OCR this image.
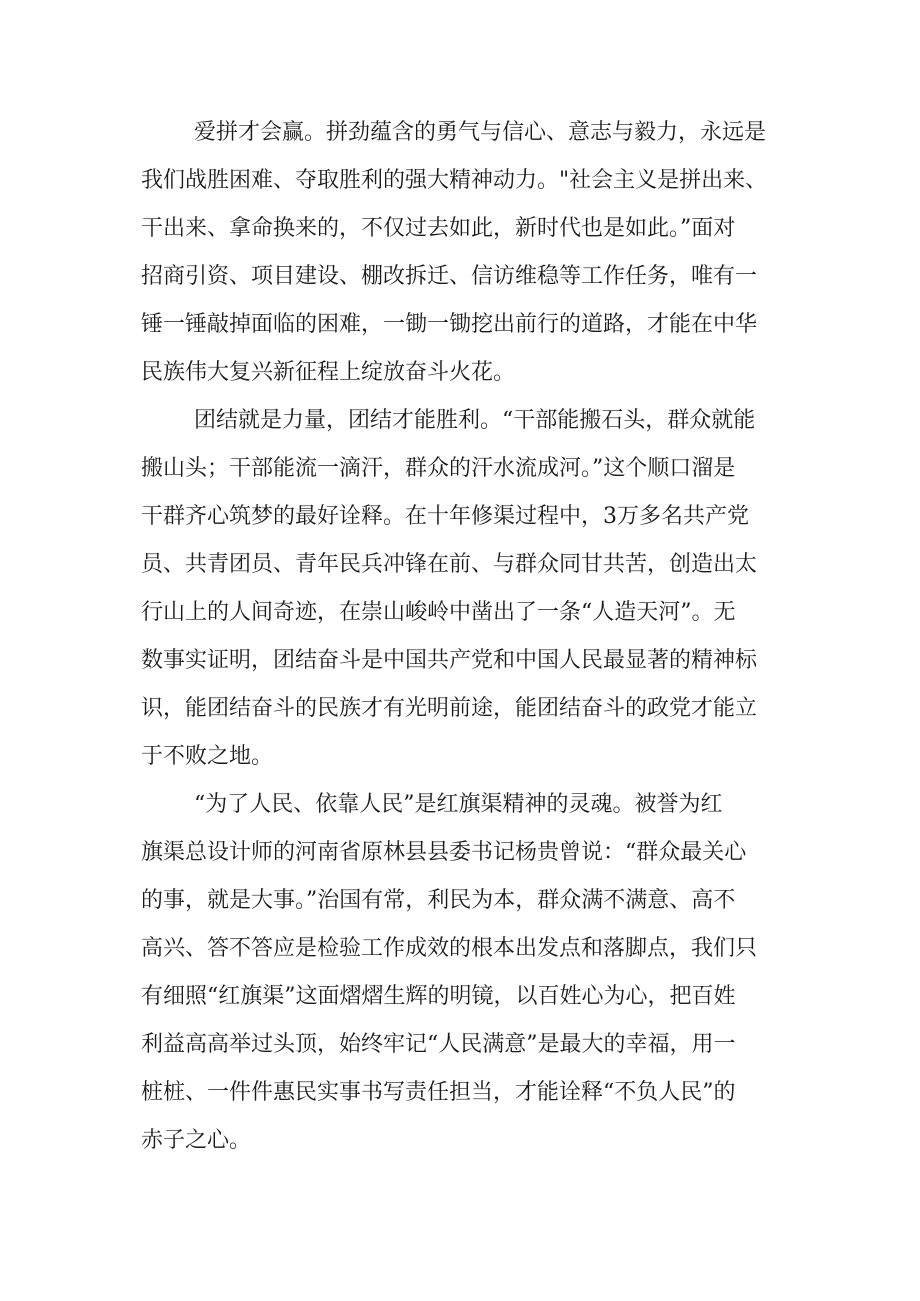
爱拼才会赢。拼劲蕴含的勇气与信心、意志与毅力，永远是
我们战胜困难、夺取胜利的强大精神动力。"社会主义是拼出来、
干出来、拿命换来的，不仅过去如此，新时代也是如此。”面对
招商引资、项目建设、棚改拆迁、信访维稳等工作任务，唯有一
锤一锤敲掉面临的困难，一锄一锄挖出前行的道路，才能在中华
民族伟大复兴新征程上绽放奋斗火花。
团结就是力量，团结才能胜利。“干部能搬石头，群众就能
搬山头；干部能流一滴汗，群众的汗水流成河。”这个顺口溜是
干群齐心筑梦的最好诠释。在十年修渠过程中，3万多名共产党
员、共青团员、青年民兵冲锋在前、与群众同甘共苦，创造出太
行山上的人间奇迹，在崇山峻岭中凿出了一条“人造天河”。无
数事实证明，团结奋斗是中国共产党和中国人民最显著的精神标
识，能团结奋斗的民族才有光明前途，能团结奋斗的政党才能立
于不败之地。
“为了人民、依靠人民”是红旗渠精神的灵魂。被誉为红
旗渠总设计师的河南省原林县县委书记杨贵曾说：“群众最关心
的事，就是大事。”治国有常，利民为本，群众满不满意、高不
高兴、答不答应是检验工作成效的根本出发点和落脚点，我们只
有细照“红旗渠”这面熠熠生辉的明镜，以百姓心为心，把百姓
利益高高举过头顶，始终牢记“人民满意”是最大的幸福，用一
桩桩、一件件惠民实事书写责任担当，才能诠释“不负人民”的
赤子之心。
